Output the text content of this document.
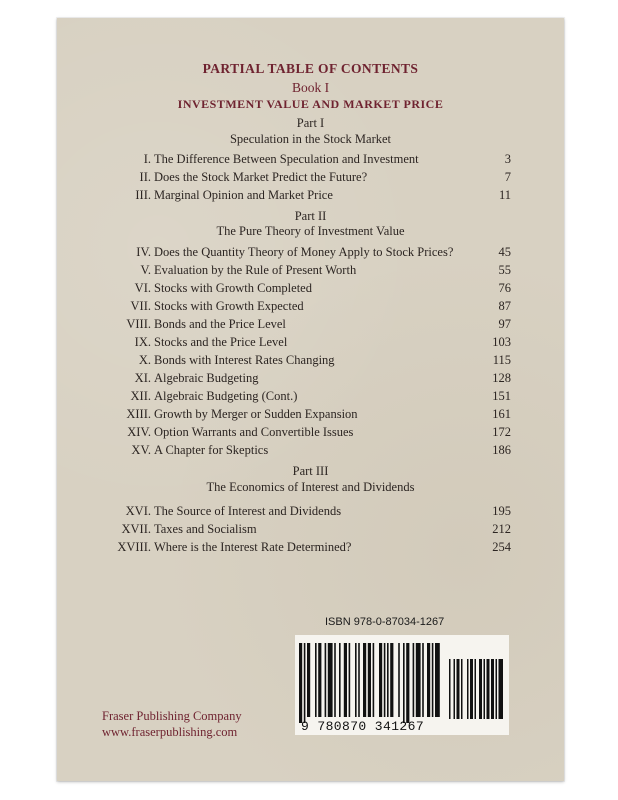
PARTIAL TABLE OF CONTENTS
Book I
INVESTMENT VALUE AND MARKET PRICE
Part I
Speculation in the Stock Market
I. The Difference Between Speculation and Investment	3
II. Does the Stock Market Predict the Future?	7
III. Marginal Opinion and Market Price	11
Part II
The Pure Theory of Investment Value
IV. Does the Quantity Theory of Money Apply to Stock Prices?	45
V. Evaluation by the Rule of Present Worth	55
VI. Stocks with Growth Completed	76
VII. Stocks with Growth Expected	87
VIII. Bonds and the Price Level	97
IX. Stocks and the Price Level	103
X. Bonds with Interest Rates Changing	115
XI. Algebraic Budgeting	128
XII. Algebraic Budgeting (Cont.)	151
XIII. Growth by Merger or Sudden Expansion	161
XIV. Option Warrants and Convertible Issues	172
XV. A Chapter for Skeptics	186
Part III
The Economics of Interest and Dividends
XVI. The Source of Interest and Dividends	195
XVII. Taxes and Socialism	212
XVIII. Where is the Interest Rate Determined?	254
ISBN 978-0-87034-1267
9 780870 341267
Fraser Publishing Company
www.fraserpublishing.com
